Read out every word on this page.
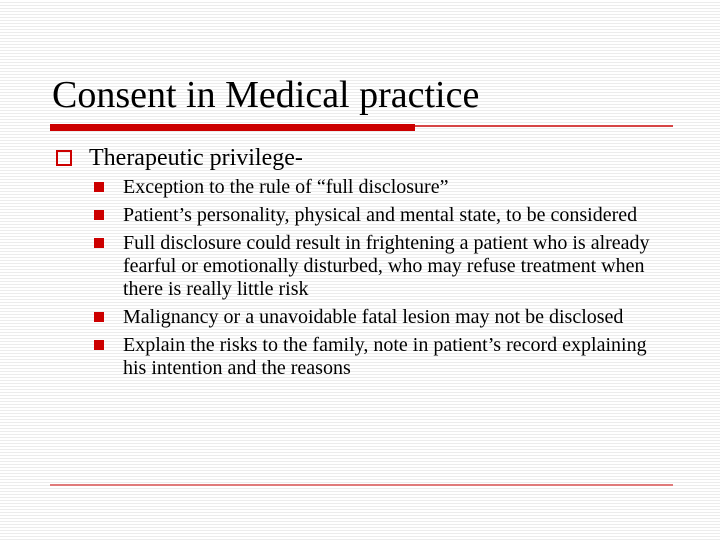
Consent in Medical practice
Therapeutic privilege-
Exception to the rule of “full disclosure”
Patient’s personality, physical and mental state, to be considered
Full disclosure could result in frightening a patient who is already fearful or emotionally disturbed, who may refuse treatment when there is really little risk
Malignancy or a unavoidable fatal lesion may not be disclosed
Explain the risks to the family, note in patient’s record explaining his intention and the reasons
